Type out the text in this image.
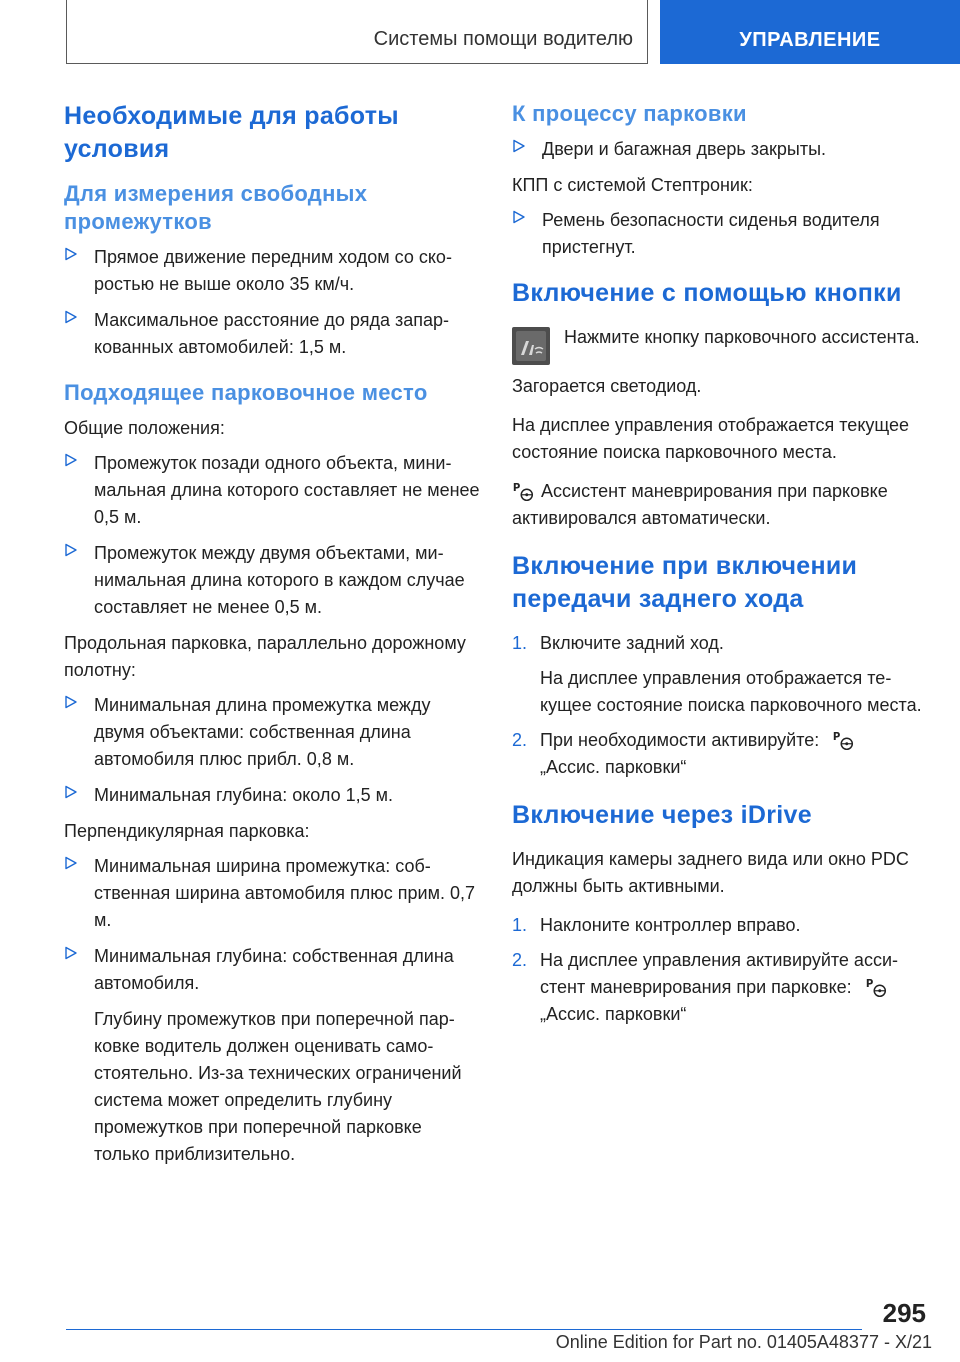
Системы помощи водителю	УПРАВЛЕНИЕ
Необходимые для работы условия
Для измерения свободных промежутков
Прямое движение передним ходом со скоростью не выше около 35 км/ч.
Максимальное расстояние до ряда запаркованных автомобилей: 1,5 м.
Подходящее парковочное место

Общие положения:

Промежуток позади одного объекта, минимальная длина которого составляет не менее 0,5 м.
Промежуток между двумя объектами, минимальная длина которого в каждом случае составляет не менее 0,5 м.

Продольная парковка, параллельно дорожному полотну:

Минимальная длина промежутка между двумя объектами: собственная длина автомобиля плюс прибл. 0,8 м.
Минимальная глубина: около 1,5 м.

Перпендикулярная парковка:

Минимальная ширина промежутка: собственная ширина автомобиля плюс прим. 0,7 м.
Минимальная глубина: собственная длина автомобиля.
Глубину промежутков при поперечной парковке водитель должен оценивать самостоятельно. Из-за технических ограничений система может определить глубину промежутков при поперечной парковке только приблизительно.
К процессу парковки
Двери и багажная дверь закрыты.

КПП с системой Стептроник:

Ремень безопасности сиденья водителя пристегнут.
Включение с помощью кнопки

Нажмите кнопку парковочного ассистента.

Загорается светодиод.

На дисплее управления отображается текущее состояние поиска парковочного места.

Ассистент маневрирования при парковке активировался автоматически.

Включение при включении передачи заднего хода
1. Включите задний ход.
На дисплее управления отображается текущее состояние поиска парковочного места.
2. При необходимости активируйте:
„Ассис. парковки“
Включение через iDrive

Индикация камеры заднего вида или окно PDC должны быть активными.

1. Наклоните контроллер вправо.
2. На дисплее управления активируйте ассистент маневрирования при парковке:
„Ассис. парковки“
295
Online Edition for Part no. 01405A48377 - X/21
